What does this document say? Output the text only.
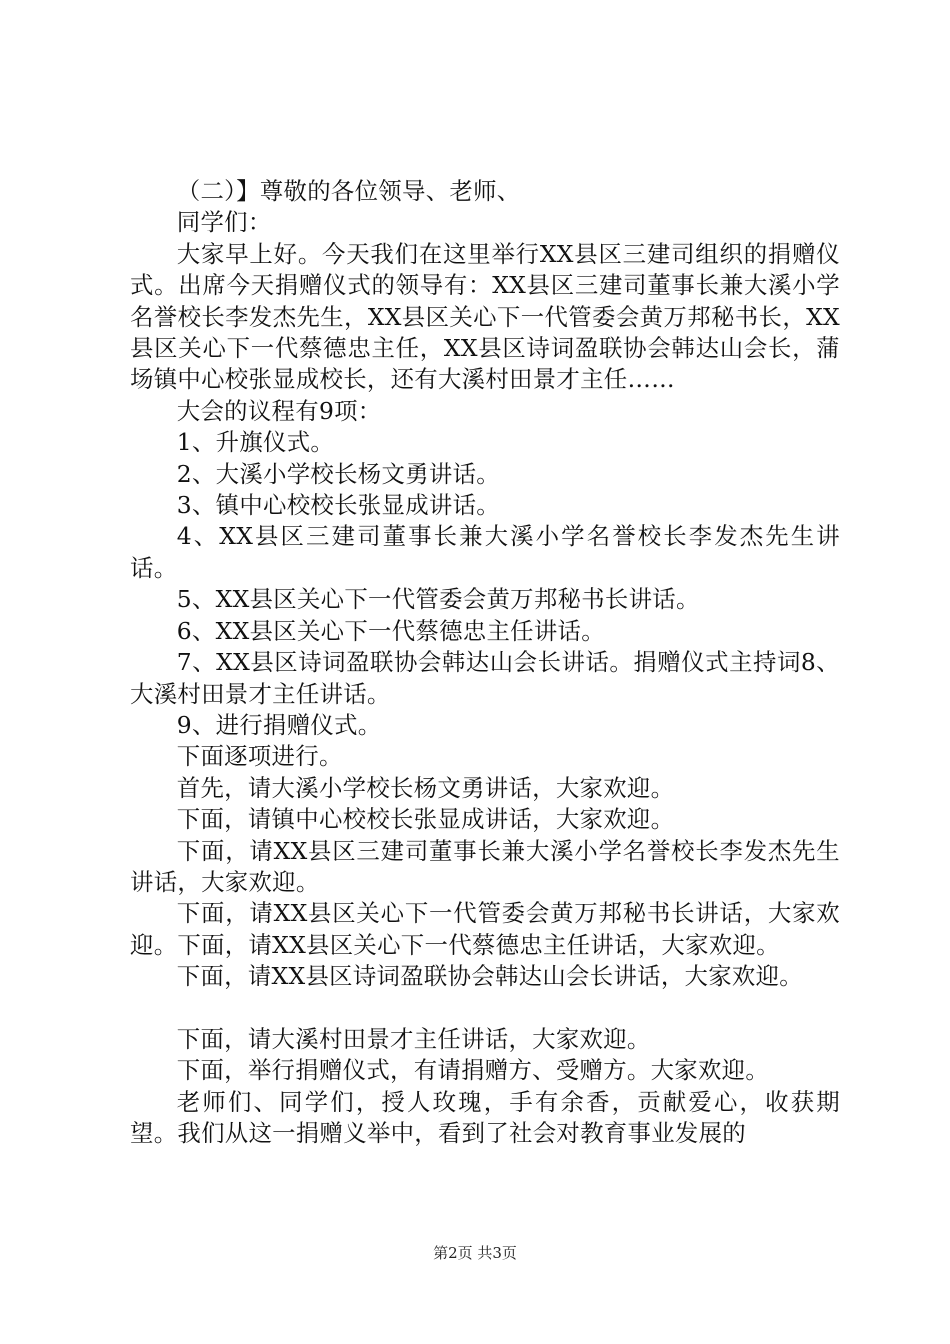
（二）】尊敬的各位领导、老师、

同学们：

大家早上好。今天我们在这里举行XX县区三建司组织的捐赠仪式。出席今天捐赠仪式的领导有：XX县区三建司董事长兼大溪小学名誉校长李发杰先生，XX县区关心下一代管委会黄万邦秘书长，XX县区关心下一代蔡德忠主任，XX县区诗词盈联协会韩达山会长，蒲场镇中心校张显成校长，还有大溪村田景才主任……

大会的议程有9项：

1、升旗仪式。

2、大溪小学校长杨文勇讲话。

3、镇中心校校长张显成讲话。

4、XX县区三建司董事长兼大溪小学名誉校长李发杰先生讲话。

5、XX县区关心下一代管委会黄万邦秘书长讲话。

6、XX县区关心下一代蔡德忠主任讲话。

7、XX县区诗词盈联协会韩达山会长讲话。捐赠仪式主持词8、大溪村田景才主任讲话。

9、进行捐赠仪式。

下面逐项进行。

首先，请大溪小学校长杨文勇讲话，大家欢迎。

下面，请镇中心校校长张显成讲话，大家欢迎。

下面，请XX县区三建司董事长兼大溪小学名誉校长李发杰先生讲话，大家欢迎。

下面，请XX县区关心下一代管委会黄万邦秘书长讲话，大家欢迎。下面，请XX县区关心下一代蔡德忠主任讲话，大家欢迎。

下面，请XX县区诗词盈联协会韩达山会长讲话，大家欢迎。

下面，请大溪村田景才主任讲话，大家欢迎。

下面，举行捐赠仪式，有请捐赠方、受赠方。大家欢迎。

老师们、同学们，授人玫瑰，手有余香，贡献爱心，收获期望。我们从这一捐赠义举中，看到了社会对教育事业发展的

第2页 共3页
